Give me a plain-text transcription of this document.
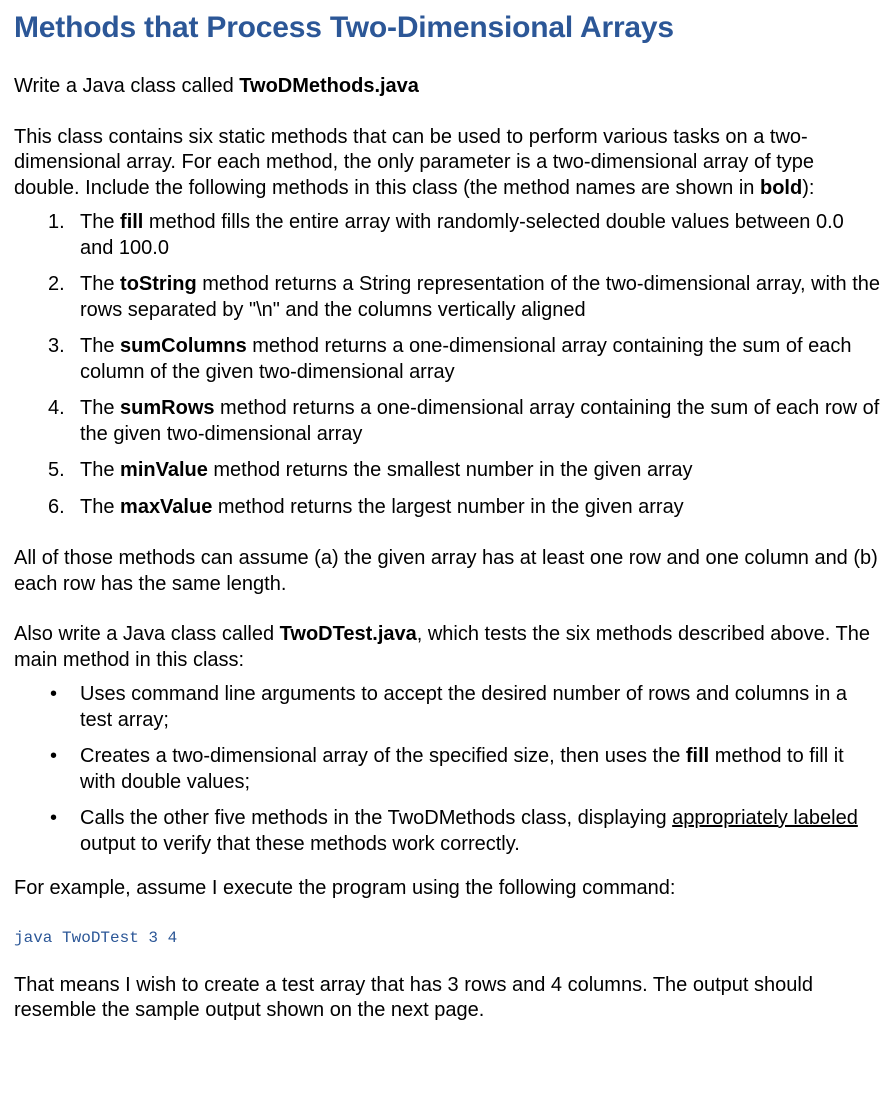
Methods that Process Two-Dimensional Arrays

Write a Java class called TwoDMethods.java

This class contains six static methods that can be used to perform various tasks on a two-dimensional array. For each method, the only parameter is a two-dimensional array of type double. Include the following methods in this class (the method names are shown in bold):

1. The fill method fills the entire array with randomly-selected double values between 0.0 and 100.0
2. The toString method returns a String representation of the two-dimensional array, with the rows separated by "\n" and the columns vertically aligned
3. The sumColumns method returns a one-dimensional array containing the sum of each column of the given two-dimensional array
4. The sumRows method returns a one-dimensional array containing the sum of each row of the given two-dimensional array
5. The minValue method returns the smallest number in the given array
6. The maxValue method returns the largest number in the given array

All of those methods can assume (a) the given array has at least one row and one column and (b) each row has the same length.

Also write a Java class called TwoDTest.java, which tests the six methods described above. The main method in this class:

• Uses command line arguments to accept the desired number of rows and columns in a test array;
• Creates a two-dimensional array of the specified size, then uses the fill method to fill it with double values;
• Calls the other five methods in the TwoDMethods class, displaying appropriately labeled output to verify that these methods work correctly.

For example, assume I execute the program using the following command:

java TwoDTest 3 4

That means I wish to create a test array that has 3 rows and 4 columns. The output should resemble the sample output shown on the next page.
